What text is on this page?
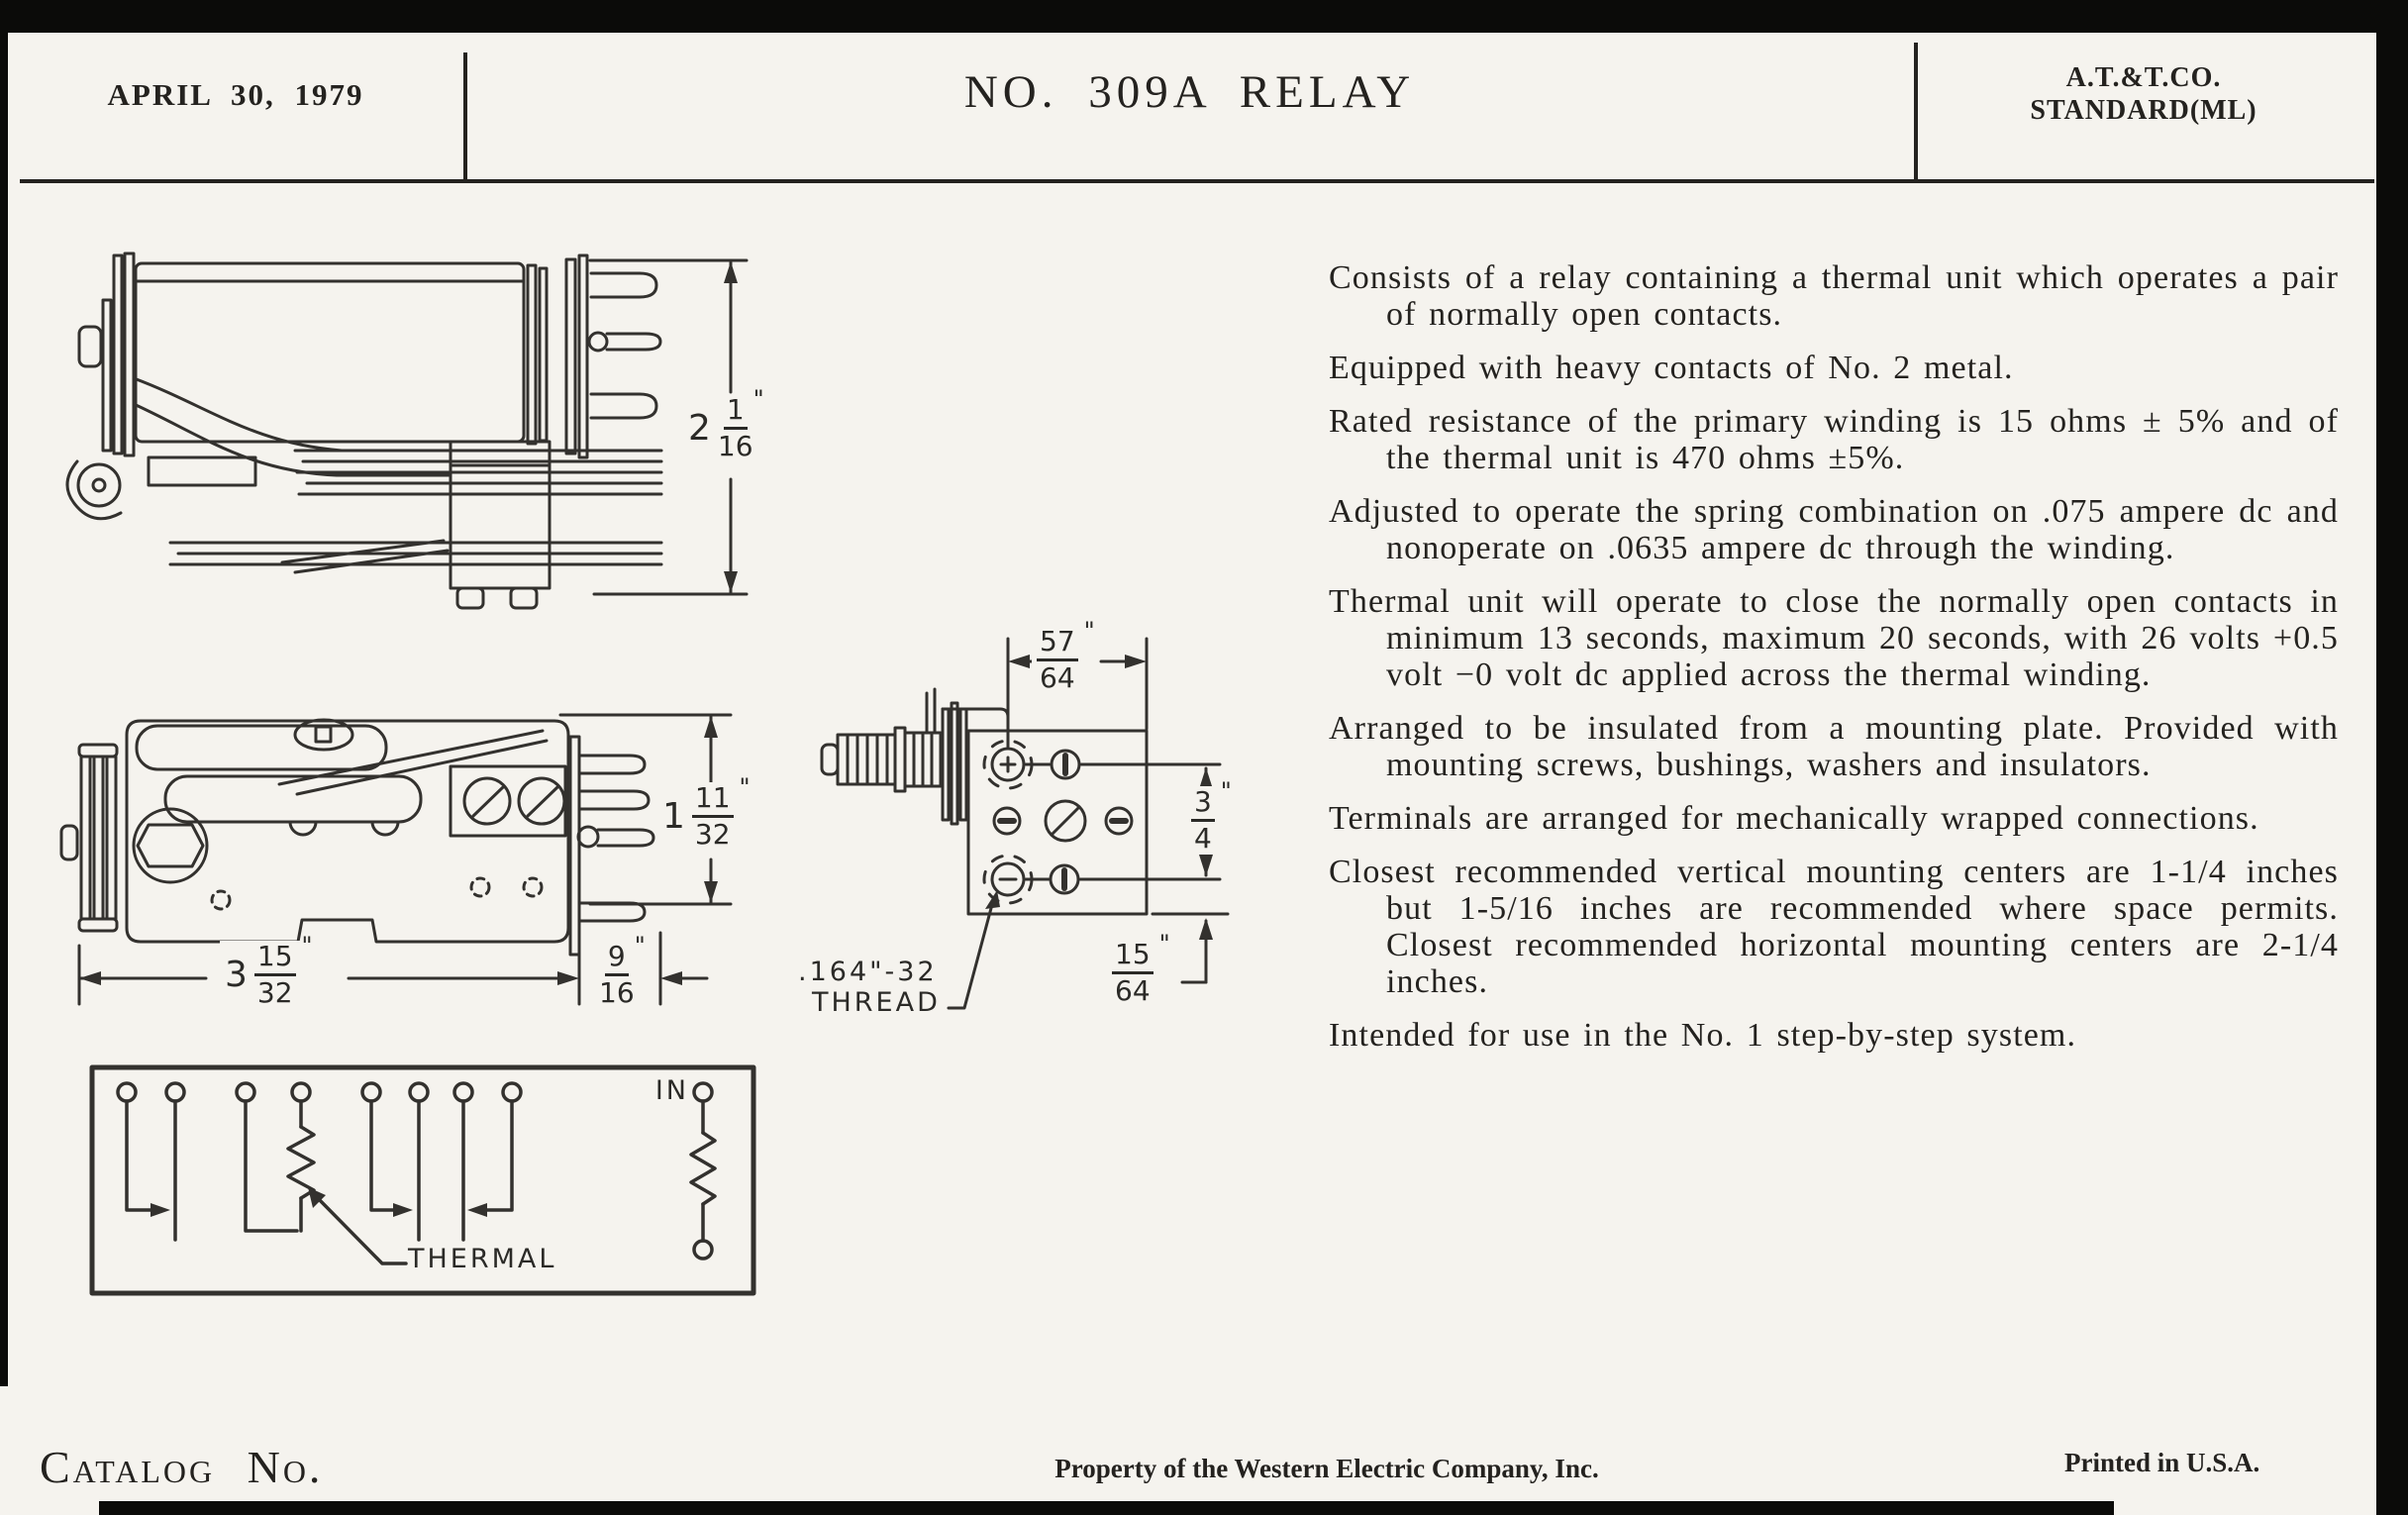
APRIL 30, 1979	NO. 309A RELAY	A.T.&T.CO.
STANDARD(ML)
$2 \frac{1 "}{16}$
$1 \frac{11 "}{32}$
$3 \frac{15 "}{32}$	$\frac{9 "}{16}$
$\frac{57 "}{64}$
$\frac{3 "}{4}$
$\frac{15 "}{64}$
.164"-32
THREAD
THERMAL
IN

Consists of a relay containing a thermal unit which operates a pair of normally open contacts.

Equipped with heavy contacts of No. 2 metal.

Rated resistance of the primary winding is 15 ohms ± 5% and of the thermal unit is 470 ohms ±5%.

Adjusted to operate the spring combination on .075 ampere dc and nonoperate on .0635 ampere dc through the winding.

Thermal unit will operate to close the normally open contacts in minimum 13 seconds, maximum 20 seconds, with 26 volts +0.5 volt −0 volt dc applied across the thermal winding.

Arranged to be insulated from a mounting plate. Provided with mounting screws, bushings, washers and insulators.

Terminals are arranged for mechanically wrapped connections.

Closest recommended vertical mounting centers are 1-1/4 inches but 1-5/16 inches are recommended where space permits. Closest recommended horizontal mounting centers are 2-1/4 inches.

Intended for use in the No. 1 step-by-step system.

Catalog No.	Property of the Western Electric Company, Inc.	Printed in U.S.A.
